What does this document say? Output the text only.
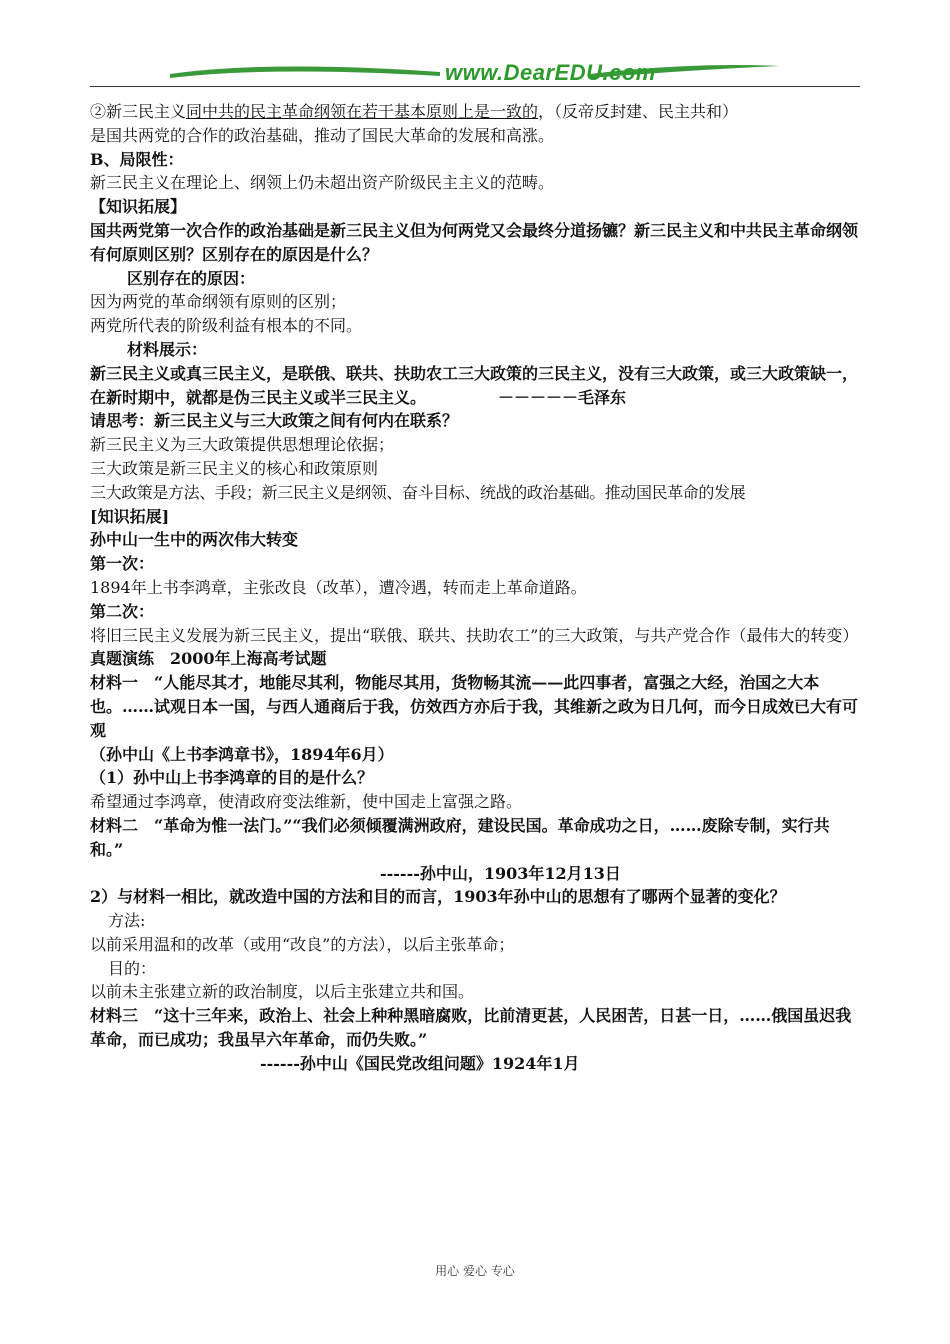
www.DearEDU.com
②新三民主义同中共的民主革命纲领在若干基本原则上是一致的，（反帝反封建、民主共和）
是国共两党的合作的政治基础，推动了国民大革命的发展和高涨。
B、局限性：
新三民主义在理论上、纲领上仍未超出资产阶级民主主义的范畴。
【知识拓展】
国共两党第一次合作的政治基础是新三民主义但为何两党又会最终分道扬镳？新三民主义和中共民主革命纲领有何原则区别？区别存在的原因是什么？
区别存在的原因：
因为两党的革命纲领有原则的区别；
两党所代表的阶级利益有根本的不同。
材料展示：
新三民主义或真三民主义，是联俄、联共、扶助农工三大政策的三民主义，没有三大政策，或三大政策缺一，在新时期中，就都是伪三民主义或半三民主义。　　　　　－－－－－毛泽东
请思考：新三民主义与三大政策之间有何内在联系？
新三民主义为三大政策提供思想理论依据；
三大政策是新三民主义的核心和政策原则
三大政策是方法、手段；新三民主义是纲领、奋斗目标、统战的政治基础。推动国民革命的发展
[知识拓展]
孙中山一生中的两次伟大转变
第一次：
1894年上书李鸿章，主张改良（改革），遭冷遇，转而走上革命道路。
第二次：
将旧三民主义发展为新三民主义，提出“联俄、联共、扶助农工”的三大政策，与共产党合作（最伟大的转变）
真题演练　2000年上海高考试题
材料一　“人能尽其才，地能尽其利，物能尽其用，货物畅其流——此四事者，富强之大经，治国之大本也。……试观日本一国，与西人通商后于我，仿效西方亦后于我，其维新之政为日几何，而今日成效已大有可观
（孙中山《上书李鸿章书》，1894年6月）
（1）孙中山上书李鸿章的目的是什么？
希望通过李鸿章，使清政府变法维新，使中国走上富强之路。
材料二　“革命为惟一法门。”“我们必须倾覆满洲政府，建设民国。革命成功之日，……废除专制，实行共和。”
------孙中山，1903年12月13日
2）与材料一相比，就改造中国的方法和目的而言，1903年孙中山的思想有了哪两个显著的变化？
方法:
以前采用温和的改革（或用“改良”的方法），以后主张革命；
目的：
以前未主张建立新的政治制度，以后主张建立共和国。
材料三　“这十三年来，政治上、社会上种种黑暗腐败，比前清更甚，人民困苦，日甚一日，……俄国虽迟我革命，而已成功；我虽早六年革命，而仍失败。”
------孙中山《国民党改组问题》1924年1月
用心 爱心 专心
